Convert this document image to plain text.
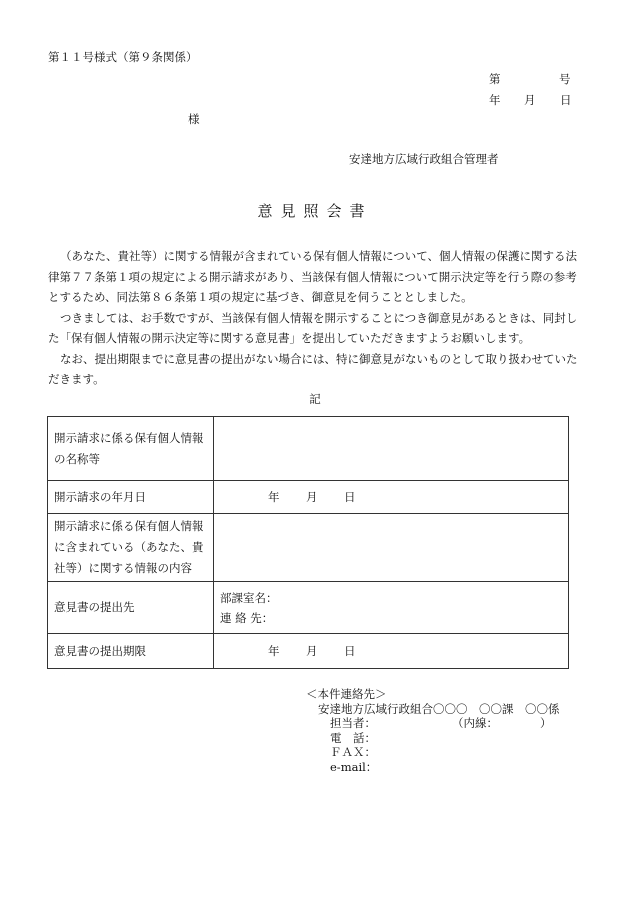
第１１号様式（第９条関係）
第	号
年 月 日
様
安達地方広域行政組合管理者
意見照会書

（あなた、貴社等）に関する情報が含まれている保有個人情報について、個人情報の保護に関する法律第７７条第１項の規定による開示請求があり、当該保有個人情報について開示決定等を行う際の参考とするため、同法第８６条第１項の規定に基づき、御意見を伺うこととしました。

つきましては、お手数ですが、当該保有個人情報を開示することにつき御意見があるときは、同封した「保有個人情報の開示決定等に関する意見書」を提出していただきますようお願いします。

なお、提出期限までに意見書の提出がない場合には、特に御意見がないものとして取り扱わせていただきます。

記
開示請求に係る保有個人情報の名称等	
開示請求の年月日	年 月 日

開示請求に係る保有個人情報に含まれている（あなた、貴社等）に関する情報の内容	
意見書の提出先	部課室名：
連 絡 先：

意見書の提出期限	年 月 日
＜本件連絡先＞
安達地方広域行政組合〇〇〇　〇〇課　〇〇係
担当者：	（内線：	）
電　話：
ＦＡＸ：
e-mail：
